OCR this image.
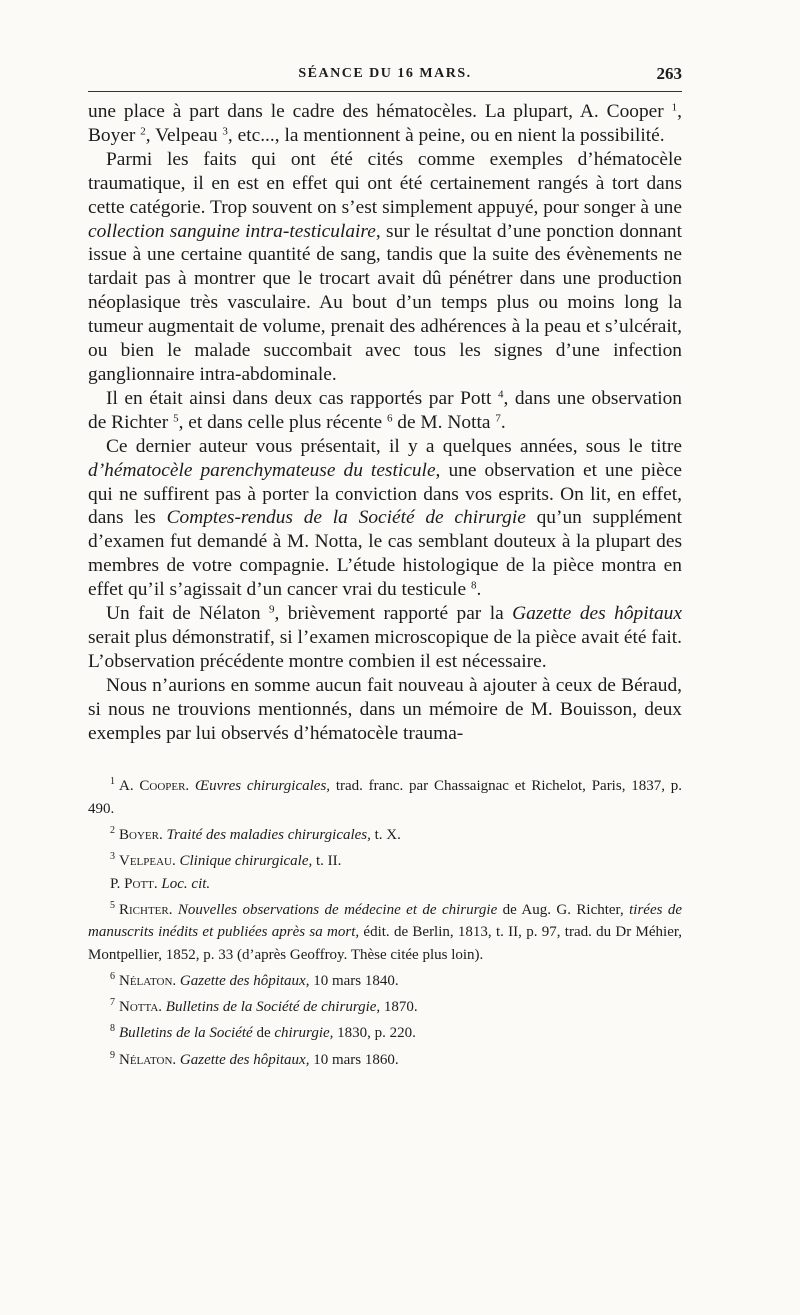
SÉANCE DU 16 MARS.	263

une place à part dans le cadre des hématocèles. La plupart, A. Cooper $^1$, Boyer $^2$, Velpeau $^3$, etc..., la mentionnent à peine, ou en nient la possibilité.

Parmi les faits qui ont été cités comme exemples d’hématocèle traumatique, il en est en effet qui ont été certainement rangés à tort dans cette catégorie. Trop souvent on s’est simplement appuyé, pour songer à une collection sanguine intra-testiculaire, sur le résultat d’une ponction donnant issue à une certaine quantité de sang, tandis que la suite des évènements ne tardait pas à montrer que le trocart avait dû pénétrer dans une production néoplasique très vasculaire. Au bout d’un temps plus ou moins long la tumeur augmentait de volume, prenait des adhérences à la peau et s’ulcérait, ou bien le malade succombait avec tous les signes d’une infection ganglionnaire intra-abdominale.

Il en était ainsi dans deux cas rapportés par Pott $^4$, dans une observation de Richter $^5$, et dans celle plus récente $^6$ de M. Notta $^7$.

Ce dernier auteur vous présentait, il y a quelques années, sous le titre d’hématocèle parenchymateuse du testicule, une observation et une pièce qui ne suffirent pas à porter la conviction dans vos esprits. On lit, en effet, dans les Comptes-rendus de la Société de chirurgie qu’un supplément d’examen fut demandé à M. Notta, le cas semblant douteux à la plupart des membres de votre compagnie. L’étude histologique de la pièce montra en effet qu’il s’agissait d’un cancer vrai du testicule $^8$.

Un fait de Nélaton $^9$, brièvement rapporté par la Gazette des hôpitaux serait plus démonstratif, si l’examen microscopique de la pièce avait été fait. L’observation précédente montre combien il est nécessaire.

Nous n’aurions en somme aucun fait nouveau à ajouter à ceux de Béraud, si nous ne trouvions mentionnés, dans un mémoire de M. Bouisson, deux exemples par lui observés d’hématocèle trauma-

$^1$ A. Cooper. Œuvres chirurgicales, trad. franc. par Chassaignac et Richelot, Paris, 1837, p. 490.

$^2$ Boyer. Traité des maladies chirurgicales, t. X.

$^3$ Velpeau. Clinique chirurgicale, t. II.

P. Pott. Loc. cit.

$^5$ Richter. Nouvelles observations de médecine et de chirurgie de Aug. G. Richter, tirées de manuscrits inédits et publiées après sa mort, édit. de Berlin, 1813, t. II, p. 97, trad. du Dr Méhier, Montpellier, 1852, p. 33 (d’après Geoffroy. Thèse citée plus loin).

$^6$ Nélaton. Gazette des hôpitaux, 10 mars 1840.

$^7$ Notta. Bulletins de la Société de chirurgie, 1870.

$^8$ Bulletins de la Société de chirurgie, 1830, p. 220.

$^9$ Nélaton. Gazette des hôpitaux, 10 mars 1860.
